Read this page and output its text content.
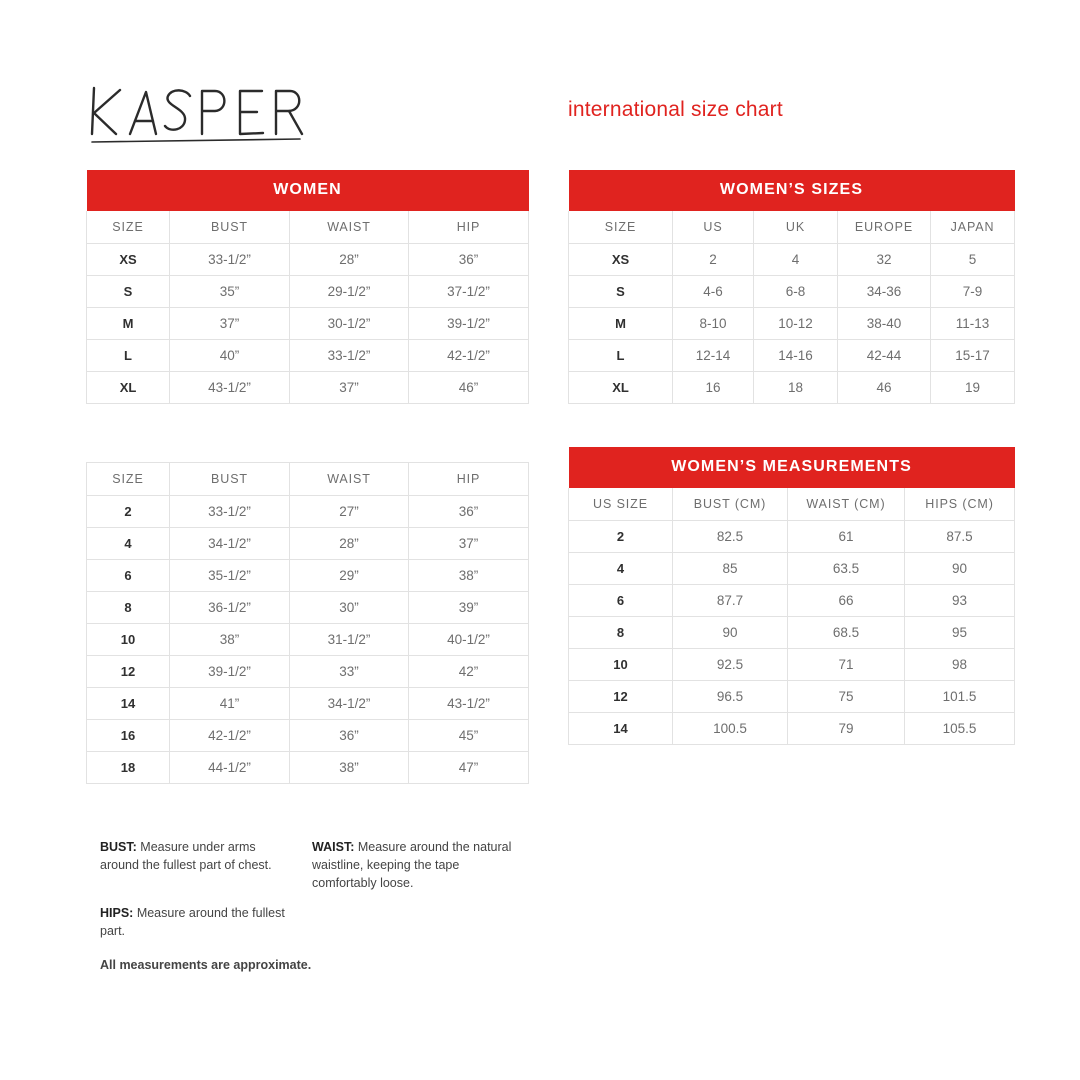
international size chart
WOMEN			
SIZE	BUST	WAIST	HIP
XS	33-1/2”	28”	36”
S	35”	29-1/2”	37-1/2”
M	37”	30-1/2”	39-1/2”
L	40”	33-1/2”	42-1/2”
XL	43-1/2”	37”	46”
SIZE	BUST	WAIST	HIP
2	33-1/2”	27”	36”
4	34-1/2”	28”	37”
6	35-1/2”	29”	38”
8	36-1/2”	30”	39”
10	38”	31-1/2”	40-1/2”
12	39-1/2”	33”	42”
14	41”	34-1/2”	43-1/2”
16	42-1/2”	36”	45”
18	44-1/2”	38”	47”
WOMEN’S SIZES				
SIZE	US	UK	EUROPE	JAPAN
XS	2	4	32	5
S	4-6	6-8	34-36	7-9
M	8-10	10-12	38-40	11-13
L	12-14	14-16	42-44	15-17
XL	16	18	46	19
WOMEN’S MEASUREMENTS			
US SIZE	BUST (CM)	WAIST (CM)	HIPS (CM)
2	82.5	61	87.5
4	85	63.5	90
6	87.7	66	93
8	90	68.5	95
10	92.5	71	98
12	96.5	75	101.5
14	100.5	79	105.5
BUST: Measure under arms around the fullest part of chest.
WAIST: Measure around the natural waistline, keeping the tape comfortably loose.
HIPS: Measure around the fullest part.
All measurements are approximate.
